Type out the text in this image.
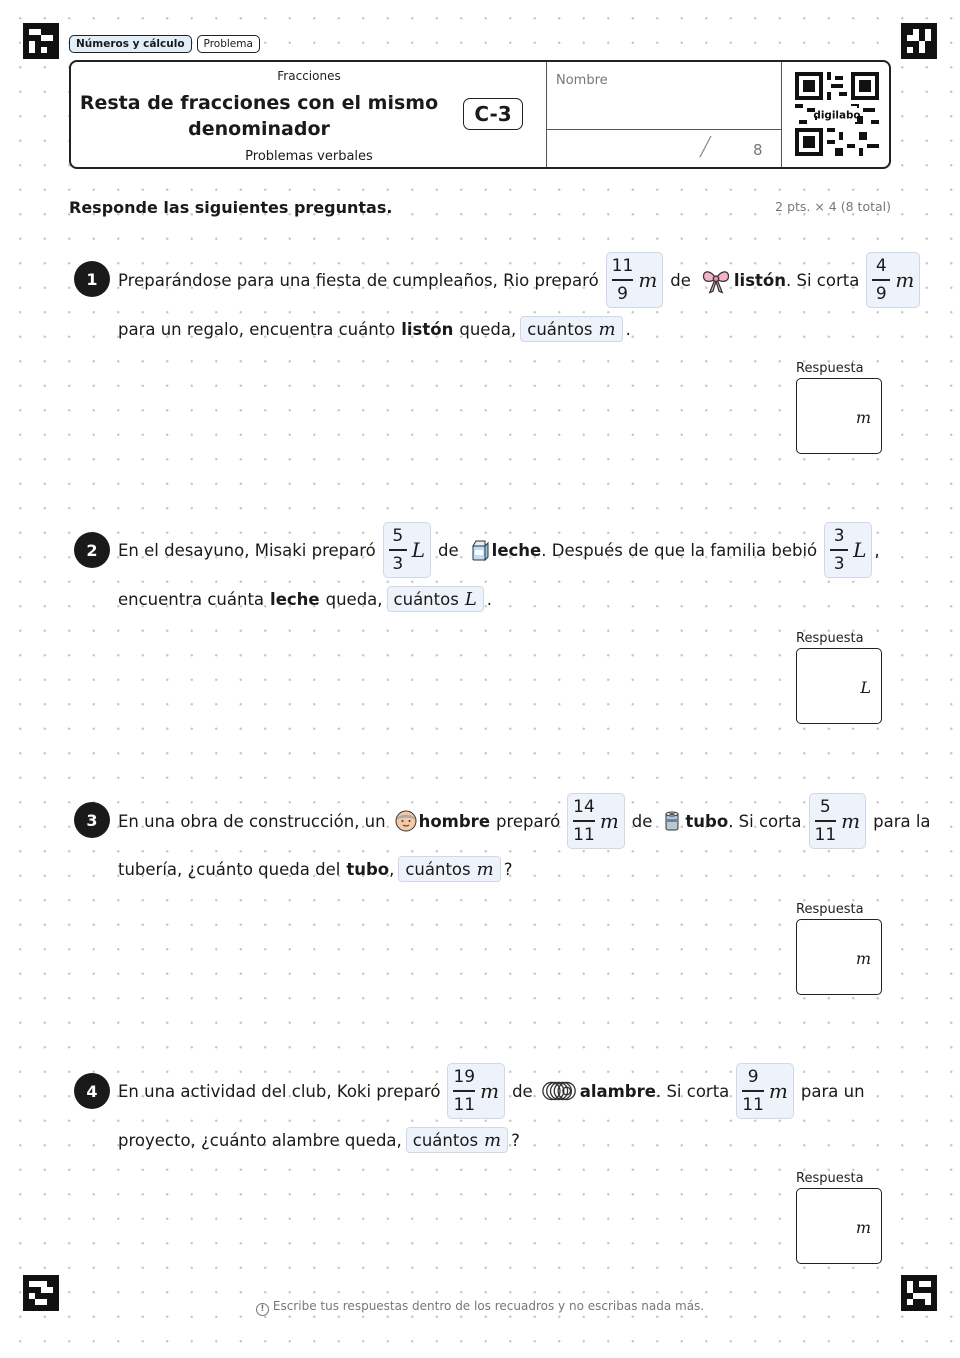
Números y cálculo	Problema
Fracciones
Resta de fracciones con el mismo
denominador
C-3
Problemas verbales
Nombre
/	8
digilabo
Responde las siguientes preguntas.	2 pts. × 4 (8 total)
1	Preparándose para una fiesta de cumpleaños, Rio preparó
11
9
m de	listón . Si corta
4
9
m
para un regalo, encuentra cuánto listón queda, cuántos m .
Respuesta
m
2	En el desayuno, Misaki preparó
5
3
L de leche . Después de que la familia bebió
3
3
L ,
encuentra cuánta leche queda, cuántos L .
Respuesta
L
3	En una obra de construcción, un hombre preparó
14
11
m de tubo . Si corta
5
11
m para la
tubería, ¿cuánto queda del tubo , cuántos m ?
Respuesta
m
4	En una actividad del club, Koki preparó
19
11
m de	alambre . Si corta
9
11
m para un
proyecto, ¿cuánto alambre queda, cuántos m ?
Respuesta
m
! Escribe tus respuestas dentro de los recuadros y no escribas nada más.
